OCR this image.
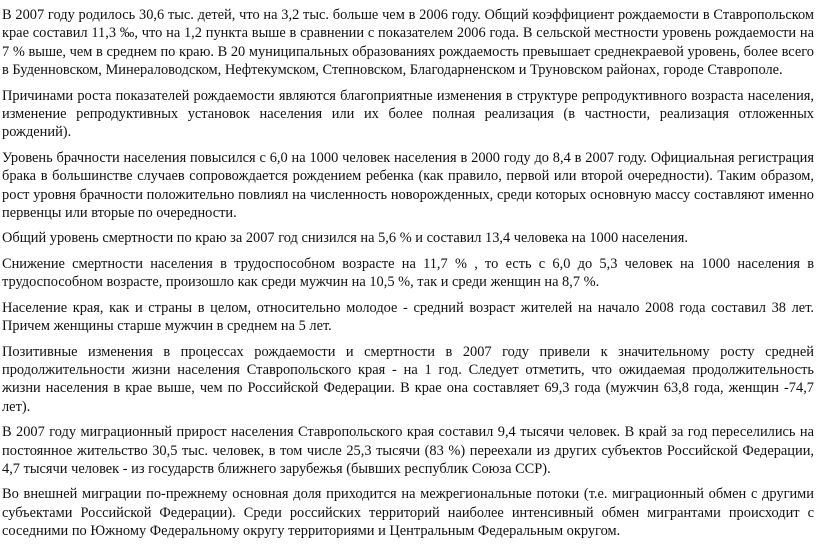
В 2007 году родилось 30,6 тыс. детей, что на 3,2 тыс. больше чем в 2006 году. Общий коэффициент рождаемости в Ставропольском крае составил 11,3 ‰, что на 1,2 пункта выше в сравнении с показателем 2006 года. В сельской местности уровень рождаемости на 7 % выше, чем в среднем по краю. В 20 муниципальных образованиях рождаемость превышает среднекраевой уровень, более всего в Буденновском, Минераловодском, Нефтекумском, Степновском, Благодарненском и Труновском районах, городе Ставрополе.

Причинами роста показателей рождаемости являются благоприятные изменения в структуре репродуктивного возраста населения, изменение репродуктивных установок населения или их более полная реализация (в частности, реализация отложенных рождений).

Уровень брачности населения повысился с 6,0 на 1000 человек населения в 2000 году до 8,4 в 2007 году. Официальная регистрация брака в большинстве случаев сопровождается рождением ребенка (как правило, первой или второй очередности). Таким образом, рост уровня брачности положительно повлиял на численность новорожденных, среди которых основную массу составляют именно первенцы или вторые по очередности.

Общий уровень смертности по краю за 2007 год снизился на 5,6 % и составил 13,4 человека на 1000 населения.

Снижение смертности населения в трудоспособном возрасте на 11,7 % , то есть с 6,0 до 5,3 человек на 1000 населения в трудоспособном возрасте, произошло как среди мужчин на 10,5 %, так и среди женщин на 8,7 %.

Население края, как и страны в целом, относительно молодое - средний возраст жителей на начало 2008 года составил 38 лет. Причем женщины старше мужчин в среднем на 5 лет.

Позитивные изменения в процессах рождаемости и смертности в 2007 году привели к значительному росту средней продолжительности жизни населения Ставропольского края - на 1 год. Следует отметить, что ожидаемая продолжительность жизни населения в крае выше, чем по Российской Федерации. В крае она составляет 69,3 года (мужчин 63,8 года, женщин -74,7 лет).

В 2007 году миграционный прирост населения Ставропольского края составил 9,4 тысячи человек. В край за год переселились на постоянное жительство 30,5 тыс. человек, в том числе 25,3 тысячи (83 %) переехали из других субъектов Российской Федерации, 4,7 тысячи человек - из государств ближнего зарубежья (бывших республик Союза ССР).

Во внешней миграции по-прежнему основная доля приходится на межрегиональные потоки (т.е. миграционный обмен с другими субъектами Российской Федерации). Среди российских территорий наиболее интенсивный обмен мигрантами происходит с соседними по Южному Федеральному округу территориями и Центральным Федеральным округом.
